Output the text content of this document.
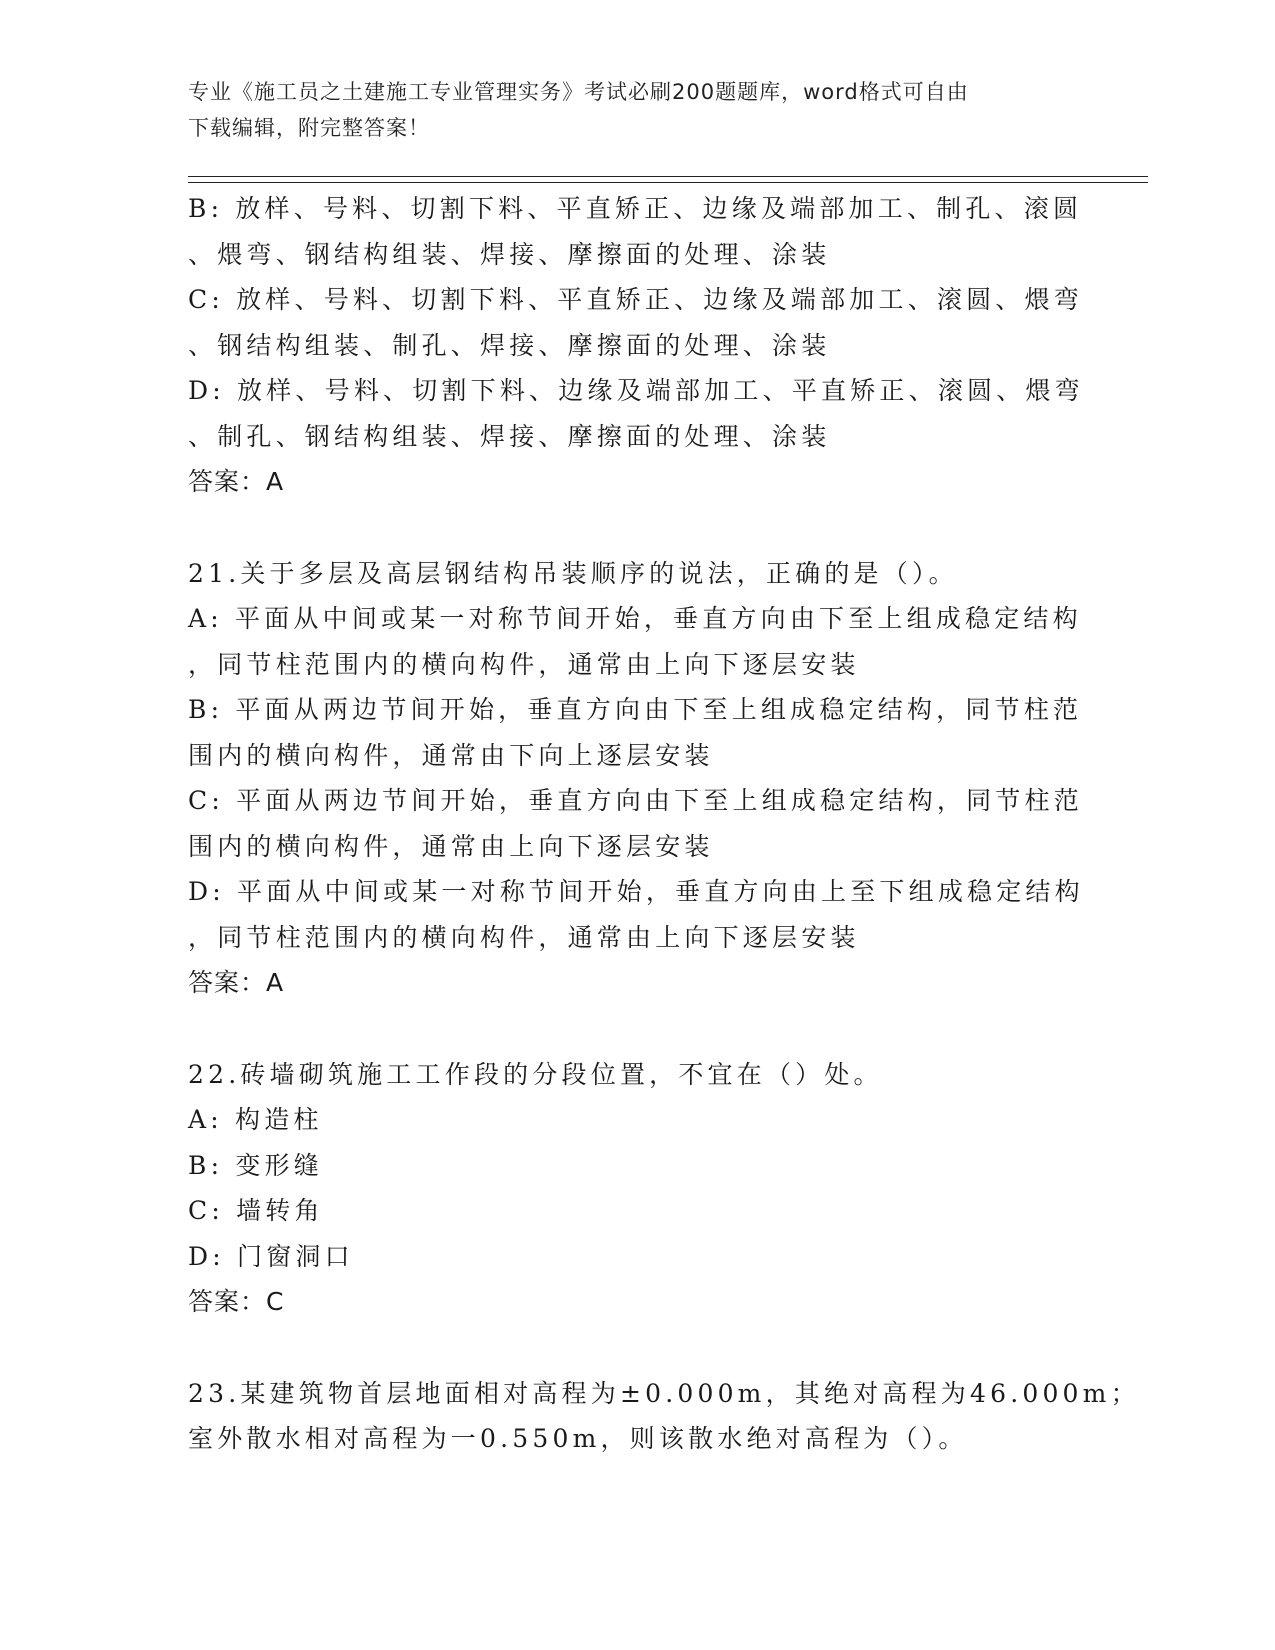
专业《施工员之土建施工专业管理实务》考试必刷200题题库，word格式可自由
下载编辑，附完整答案！

B: 放样、号料、切割下料、平直矫正、边缘及端部加工、制孔、滚圆

、煨弯、钢结构组装、焊接、摩擦面的处理、涂装

C: 放样、号料、切割下料、平直矫正、边缘及端部加工、滚圆、煨弯

、钢结构组装、制孔、焊接、摩擦面的处理、涂装

D: 放样、号料、切割下料、边缘及端部加工、平直矫正、滚圆、煨弯

、制孔、钢结构组装、焊接、摩擦面的处理、涂装

答案：A

21.关于多层及高层钢结构吊装顺序的说法，正确的是（）。

A: 平面从中间或某一对称节间开始，垂直方向由下至上组成稳定结构

，同节柱范围内的横向构件，通常由上向下逐层安装

B: 平面从两边节间开始，垂直方向由下至上组成稳定结构，同节柱范

围内的横向构件，通常由下向上逐层安装

C: 平面从两边节间开始，垂直方向由下至上组成稳定结构，同节柱范

围内的横向构件，通常由上向下逐层安装

D: 平面从中间或某一对称节间开始，垂直方向由上至下组成稳定结构

，同节柱范围内的横向构件，通常由上向下逐层安装

答案：A

22.砖墙砌筑施工工作段的分段位置，不宜在（）处。

A: 构造柱

B: 变形缝

C: 墙转角

D: 门窗洞口

答案：C

23.某建筑物首层地面相对高程为±0.000m，其绝对高程为46.000m；

室外散水相对高程为一0.550m，则该散水绝对高程为（）。
